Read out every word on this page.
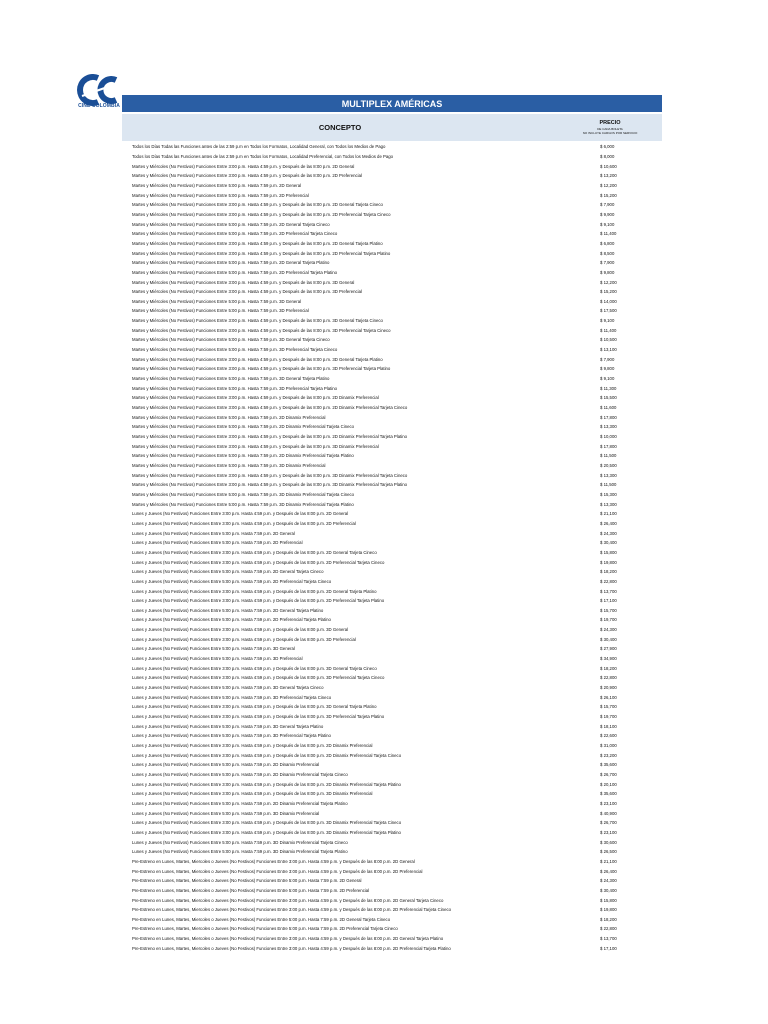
CINE COLOMBIA	MULTIPLEX AMÉRICAS
CONCEPTO	PRECIO
DE CADA BOLETA
NO INCLUYE CARGOS POR SERVICIO
Todos los Días Todas las Funciones antes de las 2:59 p.m en Todos los Formatos, Localidad General, con Todos los Medios de Pago	$ 6,000
Todos los Días Todas las Funciones antes de las 2:59 p.m en Todos los Formatos, Localidad Preferencial, con Todos los Medios de Pago	$ 8,000
Martes y Miércoles (No Festivos) Funciones Entre 3:00 p.m. Hasta 4:59 p.m. y Después de las 8:00 p.m. 2D General	$ 10,600
Martes y Miércoles (No Festivos) Funciones Entre 3:00 p.m. Hasta 4:59 p.m. y Después de las 8:00 p.m. 2D Preferencial	$ 13,200
Martes y Miércoles (No Festivos) Funciones Entre 5:00 p.m. Hasta 7:59 p.m. 2D General	$ 12,200
Martes y Miércoles (No Festivos) Funciones Entre 5:00 p.m. Hasta 7:59 p.m. 2D Preferencial	$ 15,200
Martes y Miércoles (No Festivos) Funciones Entre 3:00 p.m. Hasta 4:59 p.m. y Después de las 8:00 p.m. 2D General Tarjeta Cineco	$ 7,900
Martes y Miércoles (No Festivos) Funciones Entre 3:00 p.m. Hasta 4:59 p.m. y Después de las 8:00 p.m. 2D Preferencial Tarjeta Cineco	$ 9,900
Martes y Miércoles (No Festivos) Funciones Entre 5:00 p.m. Hasta 7:59 p.m. 2D General Tarjeta Cineco	$ 9,100
Martes y Miércoles (No Festivos) Funciones Entre 5:00 p.m. Hasta 7:59 p.m. 2D Preferencial Tarjeta Cineco	$ 11,400
Martes y Miércoles (No Festivos) Funciones Entre 3:00 p.m. Hasta 4:59 p.m. y Después de las 8:00 p.m. 2D General Tarjeta Platino	$ 6,800
Martes y Miércoles (No Festivos) Funciones Entre 3:00 p.m. Hasta 4:59 p.m. y Después de las 8:00 p.m. 2D Preferencial Tarjeta Platino	$ 8,500
Martes y Miércoles (No Festivos) Funciones Entre 5:00 p.m. Hasta 7:59 p.m. 2D General Tarjeta Platino	$ 7,900
Martes y Miércoles (No Festivos) Funciones Entre 5:00 p.m. Hasta 7:59 p.m. 2D Preferencial Tarjeta Platino	$ 9,800
Martes y Miércoles (No Festivos) Funciones Entre 3:00 p.m. Hasta 4:59 p.m. y Después de las 8:00 p.m. 3D General	$ 12,200
Martes y Miércoles (No Festivos) Funciones Entre 3:00 p.m. Hasta 4:59 p.m. y Después de las 8:00 p.m. 3D Preferencial	$ 15,200
Martes y Miércoles (No Festivos) Funciones Entre 5:00 p.m. Hasta 7:59 p.m. 3D General	$ 14,000
Martes y Miércoles (No Festivos) Funciones Entre 5:00 p.m. Hasta 7:59 p.m. 3D Preferencial	$ 17,500
Martes y Miércoles (No Festivos) Funciones Entre 3:00 p.m. Hasta 4:59 p.m. y Después de las 8:00 p.m. 3D General Tarjeta Cineco	$ 9,100
Martes y Miércoles (No Festivos) Funciones Entre 3:00 p.m. Hasta 4:59 p.m. y Después de las 8:00 p.m. 3D Preferencial Tarjeta Cineco	$ 11,400
Martes y Miércoles (No Festivos) Funciones Entre 5:00 p.m. Hasta 7:59 p.m. 3D General Tarjeta Cineco	$ 10,500
Martes y Miércoles (No Festivos) Funciones Entre 5:00 p.m. Hasta 7:59 p.m. 3D Preferencial Tarjeta Cineco	$ 13,100
Martes y Miércoles (No Festivos) Funciones Entre 3:00 p.m. Hasta 4:59 p.m. y Después de las 8:00 p.m. 3D General Tarjeta Platino	$ 7,900
Martes y Miércoles (No Festivos) Funciones Entre 3:00 p.m. Hasta 4:59 p.m. y Después de las 8:00 p.m. 3D Preferencial Tarjeta Platino	$ 9,800
Martes y Miércoles (No Festivos) Funciones Entre 5:00 p.m. Hasta 7:59 p.m. 3D General Tarjeta Platino	$ 9,100
Martes y Miércoles (No Festivos) Funciones Entre 5:00 p.m. Hasta 7:59 p.m. 3D Preferencial Tarjeta Platino	$ 11,300
Martes y Miércoles (No Festivos) Funciones Entre 3:00 p.m. Hasta 4:59 p.m. y Después de las 8:00 p.m. 2D Dinamix Preferencial	$ 15,500
Martes y Miércoles (No Festivos) Funciones Entre 3:00 p.m. Hasta 4:59 p.m. y Después de las 8:00 p.m. 2D Dinamix Preferencial Tarjeta Cineco	$ 11,600
Martes y Miércoles (No Festivos) Funciones Entre 5:00 p.m. Hasta 7:59 p.m. 2D Dinamix Preferencial	$ 17,800
Martes y Miércoles (No Festivos) Funciones Entre 5:00 p.m. Hasta 7:59 p.m. 2D Dinamix Preferencial Tarjeta Cineco	$ 13,300
Martes y Miércoles (No Festivos) Funciones Entre 3:00 p.m. Hasta 4:59 p.m. y Después de las 8:00 p.m. 2D Dinamix Preferencial Tarjeta Platino	$ 10,000
Martes y Miércoles (No Festivos) Funciones Entre 3:00 p.m. Hasta 4:59 p.m. y Después de las 8:00 p.m. 3D Dinamix Preferencial	$ 17,800
Martes y Miércoles (No Festivos) Funciones Entre 5:00 p.m. Hasta 7:59 p.m. 2D Dinamix Preferencial Tarjeta Platino	$ 11,500
Martes y Miércoles (No Festivos) Funciones Entre 5:00 p.m. Hasta 7:59 p.m. 3D Dinamix Preferencial	$ 20,500
Martes y Miércoles (No Festivos) Funciones Entre 3:00 p.m. Hasta 4:59 p.m. y Después de las 8:00 p.m. 3D Dinamix Preferencial Tarjeta Cineco	$ 13,300
Martes y Miércoles (No Festivos) Funciones Entre 3:00 p.m. Hasta 4:59 p.m. y Después de las 8:00 p.m. 3D Dinamix Preferencial Tarjeta Platino	$ 11,500
Martes y Miércoles (No Festivos) Funciones Entre 5:00 p.m. Hasta 7:59 p.m. 3D Dinamix Preferencial Tarjeta Cineco	$ 15,300
Martes y Miércoles (No Festivos) Funciones Entre 5:00 p.m. Hasta 7:59 p.m. 3D Dinamix Preferencial Tarjeta Platino	$ 13,300
Lunes y Jueves (No Festivos) Funciones Entre 3:00 p.m. Hasta 4:59 p.m. y Después de las 8:00 p.m. 2D General	$ 21,100
Lunes y Jueves (No Festivos) Funciones Entre 3:00 p.m. Hasta 4:59 p.m. y Después de las 8:00 p.m. 2D Preferencial	$ 26,400
Lunes y Jueves (No Festivos) Funciones Entre 5:00 p.m. Hasta 7:59 p.m. 2D General	$ 24,300
Lunes y Jueves (No Festivos) Funciones Entre 5:00 p.m. Hasta 7:59 p.m. 2D Preferencial	$ 30,400
Lunes y Jueves (No Festivos) Funciones Entre 3:00 p.m. Hasta 4:59 p.m. y Después de las 8:00 p.m. 2D General Tarjeta Cineco	$ 15,800
Lunes y Jueves (No Festivos) Funciones Entre 3:00 p.m. Hasta 4:59 p.m. y Después de las 8:00 p.m. 2D Preferencial Tarjeta Cineco	$ 19,800
Lunes y Jueves (No Festivos) Funciones Entre 5:00 p.m. Hasta 7:59 p.m. 2D General Tarjeta Cineco	$ 18,200
Lunes y Jueves (No Festivos) Funciones Entre 5:00 p.m. Hasta 7:59 p.m. 2D Preferencial Tarjeta Cineco	$ 22,800
Lunes y Jueves (No Festivos) Funciones Entre 3:00 p.m. Hasta 4:59 p.m. y Después de las 8:00 p.m. 2D General Tarjeta Platino	$ 13,700
Lunes y Jueves (No Festivos) Funciones Entre 3:00 p.m. Hasta 4:59 p.m. y Después de las 8:00 p.m. 2D Preferencial Tarjeta Platino	$ 17,100
Lunes y Jueves (No Festivos) Funciones Entre 5:00 p.m. Hasta 7:59 p.m. 2D General Tarjeta Platino	$ 15,700
Lunes y Jueves (No Festivos) Funciones Entre 5:00 p.m. Hasta 7:59 p.m. 2D Preferencial Tarjeta Platino	$ 19,700
Lunes y Jueves (No Festivos) Funciones Entre 3:00 p.m. Hasta 4:59 p.m. y Después de las 8:00 p.m. 3D General	$ 24,300
Lunes y Jueves (No Festivos) Funciones Entre 3:00 p.m. Hasta 4:59 p.m. y Después de las 8:00 p.m. 3D Preferencial	$ 30,400
Lunes y Jueves (No Festivos) Funciones Entre 5:00 p.m. Hasta 7:59 p.m. 3D General	$ 27,900
Lunes y Jueves (No Festivos) Funciones Entre 5:00 p.m. Hasta 7:59 p.m. 3D Preferencial	$ 34,900
Lunes y Jueves (No Festivos) Funciones Entre 3:00 p.m. Hasta 4:59 p.m. y Después de las 8:00 p.m. 3D General Tarjeta Cineco	$ 18,200
Lunes y Jueves (No Festivos) Funciones Entre 3:00 p.m. Hasta 4:59 p.m. y Después de las 8:00 p.m. 3D Preferencial Tarjeta Cineco	$ 22,800
Lunes y Jueves (No Festivos) Funciones Entre 5:00 p.m. Hasta 7:59 p.m. 3D General Tarjeta Cineco	$ 20,900
Lunes y Jueves (No Festivos) Funciones Entre 5:00 p.m. Hasta 7:59 p.m. 3D Preferencial Tarjeta Cineco	$ 26,100
Lunes y Jueves (No Festivos) Funciones Entre 3:00 p.m. Hasta 4:59 p.m. y Después de las 8:00 p.m. 3D General Tarjeta Platino	$ 15,700
Lunes y Jueves (No Festivos) Funciones Entre 3:00 p.m. Hasta 4:59 p.m. y Después de las 8:00 p.m. 3D Preferencial Tarjeta Platino	$ 19,700
Lunes y Jueves (No Festivos) Funciones Entre 5:00 p.m. Hasta 7:59 p.m. 3D General Tarjeta Platino	$ 18,100
Lunes y Jueves (No Festivos) Funciones Entre 5:00 p.m. Hasta 7:59 p.m. 3D Preferencial Tarjeta Platino	$ 22,600
Lunes y Jueves (No Festivos) Funciones Entre 3:00 p.m. Hasta 4:59 p.m. y Después de las 8:00 p.m. 2D Dinamix Preferencial	$ 31,000
Lunes y Jueves (No Festivos) Funciones Entre 3:00 p.m. Hasta 4:59 p.m. y Después de las 8:00 p.m. 2D Dinamix Preferencial Tarjeta Cineco	$ 23,200
Lunes y Jueves (No Festivos) Funciones Entre 5:00 p.m. Hasta 7:59 p.m. 2D Dinamix Preferencial	$ 35,600
Lunes y Jueves (No Festivos) Funciones Entre 5:00 p.m. Hasta 7:59 p.m. 2D Dinamix Preferencial Tarjeta Cineco	$ 26,700
Lunes y Jueves (No Festivos) Funciones Entre 3:00 p.m. Hasta 4:59 p.m. y Después de las 8:00 p.m. 2D Dinamix Preferencial Tarjeta Platino	$ 20,100
Lunes y Jueves (No Festivos) Funciones Entre 3:00 p.m. Hasta 4:59 p.m. y Después de las 8:00 p.m. 3D Dinamix Preferencial	$ 35,600
Lunes y Jueves (No Festivos) Funciones Entre 5:00 p.m. Hasta 7:59 p.m. 2D Dinamix Preferencial Tarjeta Platino	$ 23,100
Lunes y Jueves (No Festivos) Funciones Entre 5:00 p.m. Hasta 7:59 p.m. 3D Dinamix Preferencial	$ 40,900
Lunes y Jueves (No Festivos) Funciones Entre 3:00 p.m. Hasta 4:59 p.m. y Después de las 8:00 p.m. 3D Dinamix Preferencial Tarjeta Cineco	$ 26,700
Lunes y Jueves (No Festivos) Funciones Entre 3:00 p.m. Hasta 4:59 p.m. y Después de las 8:00 p.m. 3D Dinamix Preferencial Tarjeta Platino	$ 23,100
Lunes y Jueves (No Festivos) Funciones Entre 5:00 p.m. Hasta 7:59 p.m. 3D Dinamix Preferencial Tarjeta Cineco	$ 30,600
Lunes y Jueves (No Festivos) Funciones Entre 5:00 p.m. Hasta 7:59 p.m. 3D Dinamix Preferencial Tarjeta Platino	$ 26,500
Pre-Estreno en Lunes, Martes, Miercoles o Jueves (No Festivos) Funciones Entre 3:00 p.m. Hasta 4:59 p.m. y Después de las 8:00 p.m. 2D General	$ 21,100
Pre-Estreno en Lunes, Martes, Miercoles o Jueves (No Festivos) Funciones Entre 3:00 p.m. Hasta 4:59 p.m. y Después de las 8:00 p.m. 2D Preferencial	$ 26,400
Pre-Estreno en Lunes, Martes, Miercoles o Jueves (No Festivos) Funciones Entre 5:00 p.m. Hasta 7:59 p.m. 2D General	$ 24,300
Pre-Estreno en Lunes, Martes, Miercoles o Jueves (No Festivos) Funciones Entre 5:00 p.m. Hasta 7:59 p.m. 2D Preferencial	$ 30,400
Pre-Estreno en Lunes, Martes, Miercoles o Jueves (No Festivos) Funciones Entre 3:00 p.m. Hasta 4:59 p.m. y Después de las 8:00 p.m. 2D General Tarjeta Cineco	$ 15,800
Pre-Estreno en Lunes, Martes, Miercoles o Jueves (No Festivos) Funciones Entre 3:00 p.m. Hasta 4:59 p.m. y Después de las 8:00 p.m. 2D Preferencial Tarjeta Cineco	$ 19,800
Pre-Estreno en Lunes, Martes, Miercoles o Jueves (No Festivos) Funciones Entre 5:00 p.m. Hasta 7:59 p.m. 2D General Tarjeta Cineco	$ 18,200
Pre-Estreno en Lunes, Martes, Miercoles o Jueves (No Festivos) Funciones Entre 5:00 p.m. Hasta 7:59 p.m. 2D Preferencial Tarjeta Cineco	$ 22,800
Pre-Estreno en Lunes, Martes, Miercoles o Jueves (No Festivos) Funciones Entre 3:00 p.m. Hasta 4:59 p.m. y Después de las 8:00 p.m. 2D General Tarjeta Platino	$ 13,700
Pre-Estreno en Lunes, Martes, Miercoles o Jueves (No Festivos) Funciones Entre 3:00 p.m. Hasta 4:59 p.m. y Después de las 8:00 p.m. 2D Preferencial Tarjeta Platino	$ 17,100
